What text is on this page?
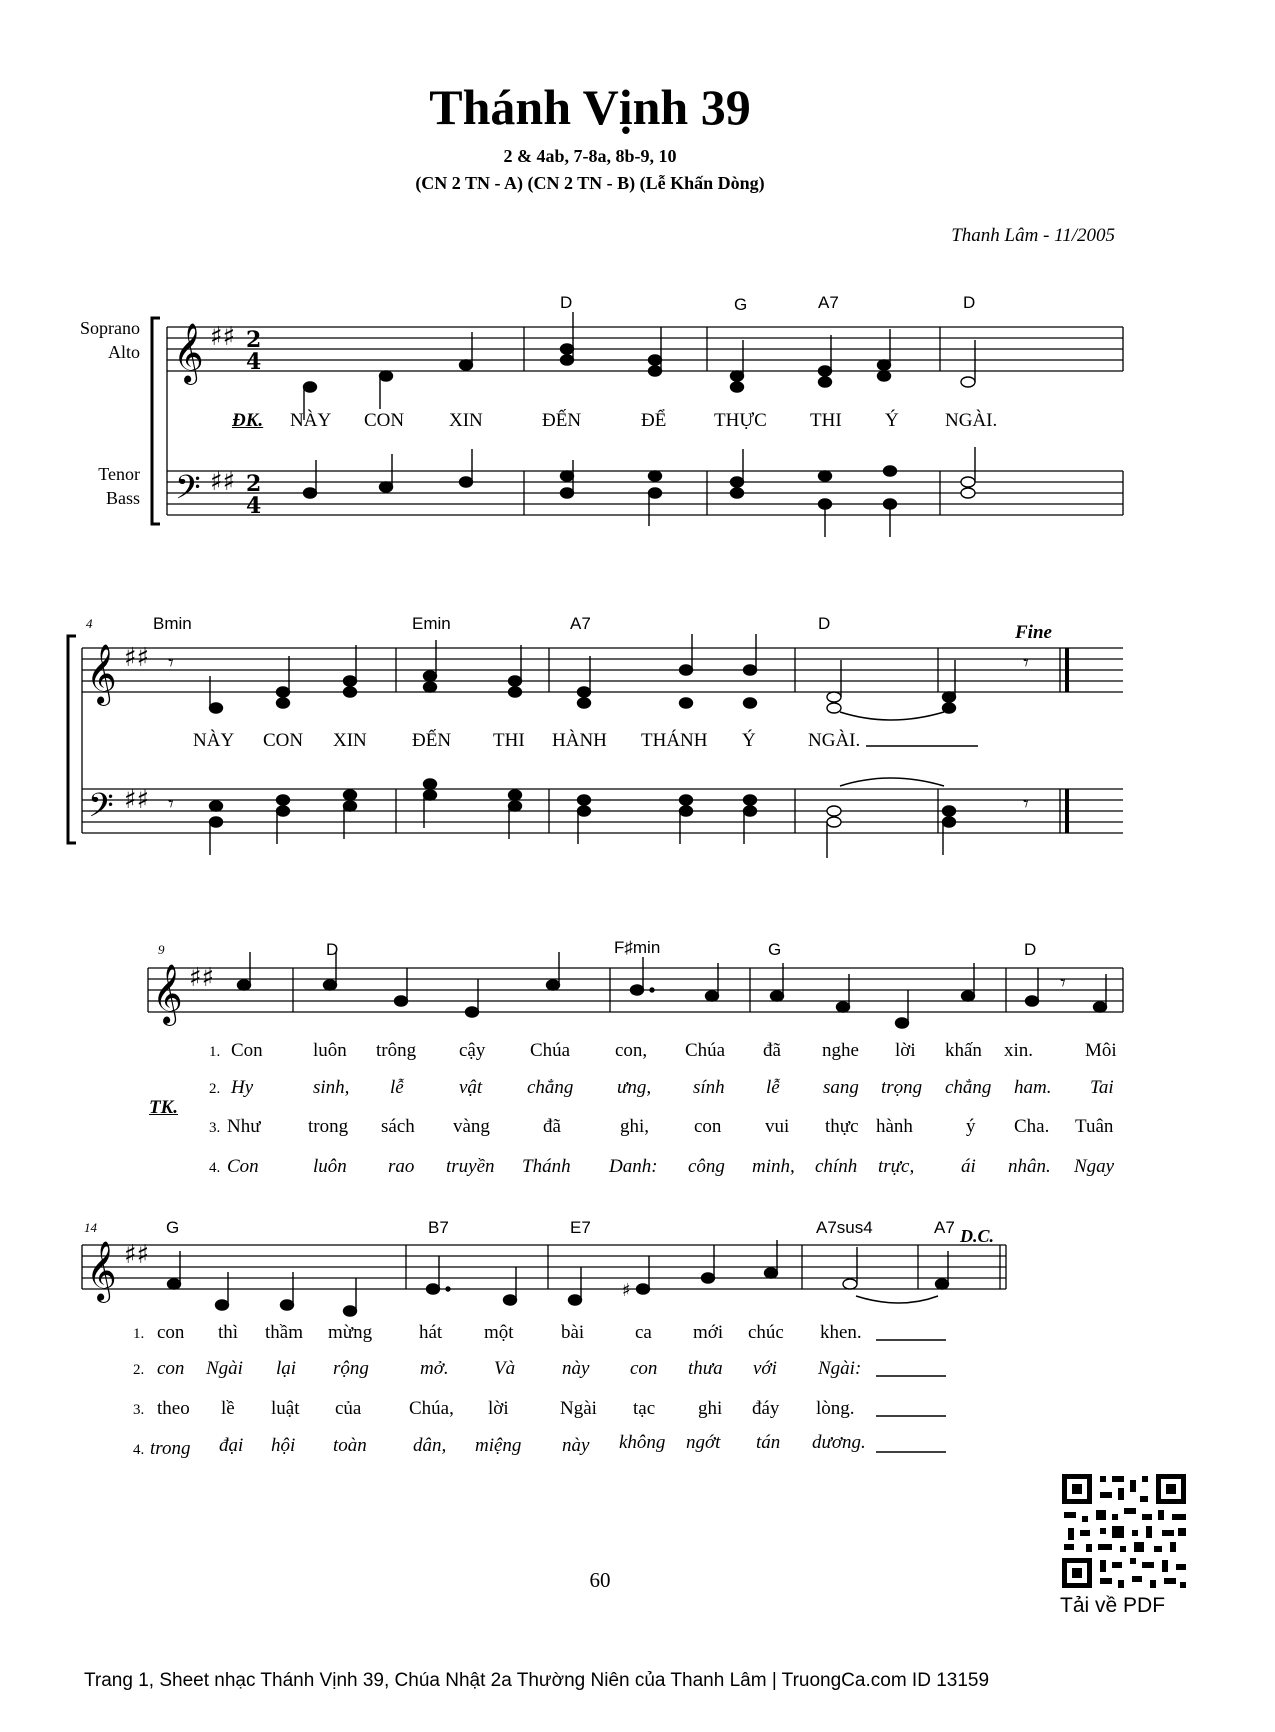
Thánh Vịnh 39
2 & 4ab, 7-8a, 8b-9, 10
(CN 2 TN - A) (CN 2 TN - B) (Lễ Khấn Dòng)
Thanh Lâm - 11/2005
Soprano
Alto
Tenor
Bass
𝄞
𝄢
♯♯
♯♯
2
4
2
4
𝄞
𝄢
♯♯
♯♯
𝄾
𝄾
𝄾
𝄾
𝄞 ♯♯	𝄾
𝄞 ♯♯
♯
D	G	A7	D
ĐK. NÀY CON XIN	ĐẾN	ĐỂ	THỰC THI Ý NGÀI.
4	Bmin	Emin	A7	D	Fine
NÀY CON XIN ĐẾN THI HÀNH THÁNH Ý	NGÀI.
9	D	F♯min	G	D
TK.
1. Con	luôn trông cậy Chúa con, Chúa đã nghe lời khấn xin.	Môi
2. Hy	sinh, lễ	vật chẳng ưng, sính lễ sang trọng chẳng ham. Tai
3. Như trong sách vàng	đã	ghi, con vui thực hành	ý Cha. Tuân
4. Con	luôn rao truyền Thánh Danh: công minh, chính trực, ái nhân. Ngay
14	G	B7	E7	A7sus4	A7 D.C.
1. con thì thầm mừng hát một bài	ca mới chúc khen.
2. con Ngài lại rộng	mở. Và này con thưa với Ngài:
3. theo lề luật của	Chúa, lời	Ngài tạc ghi đáy lòng.
4. trong đại hội toàn dân, miệng này không ngớt tán dương.
60
Tải về PDF
Trang 1, Sheet nhạc Thánh Vịnh 39, Chúa Nhật 2a Thường Niên của Thanh Lâm | TruongCa.com ID 13159
